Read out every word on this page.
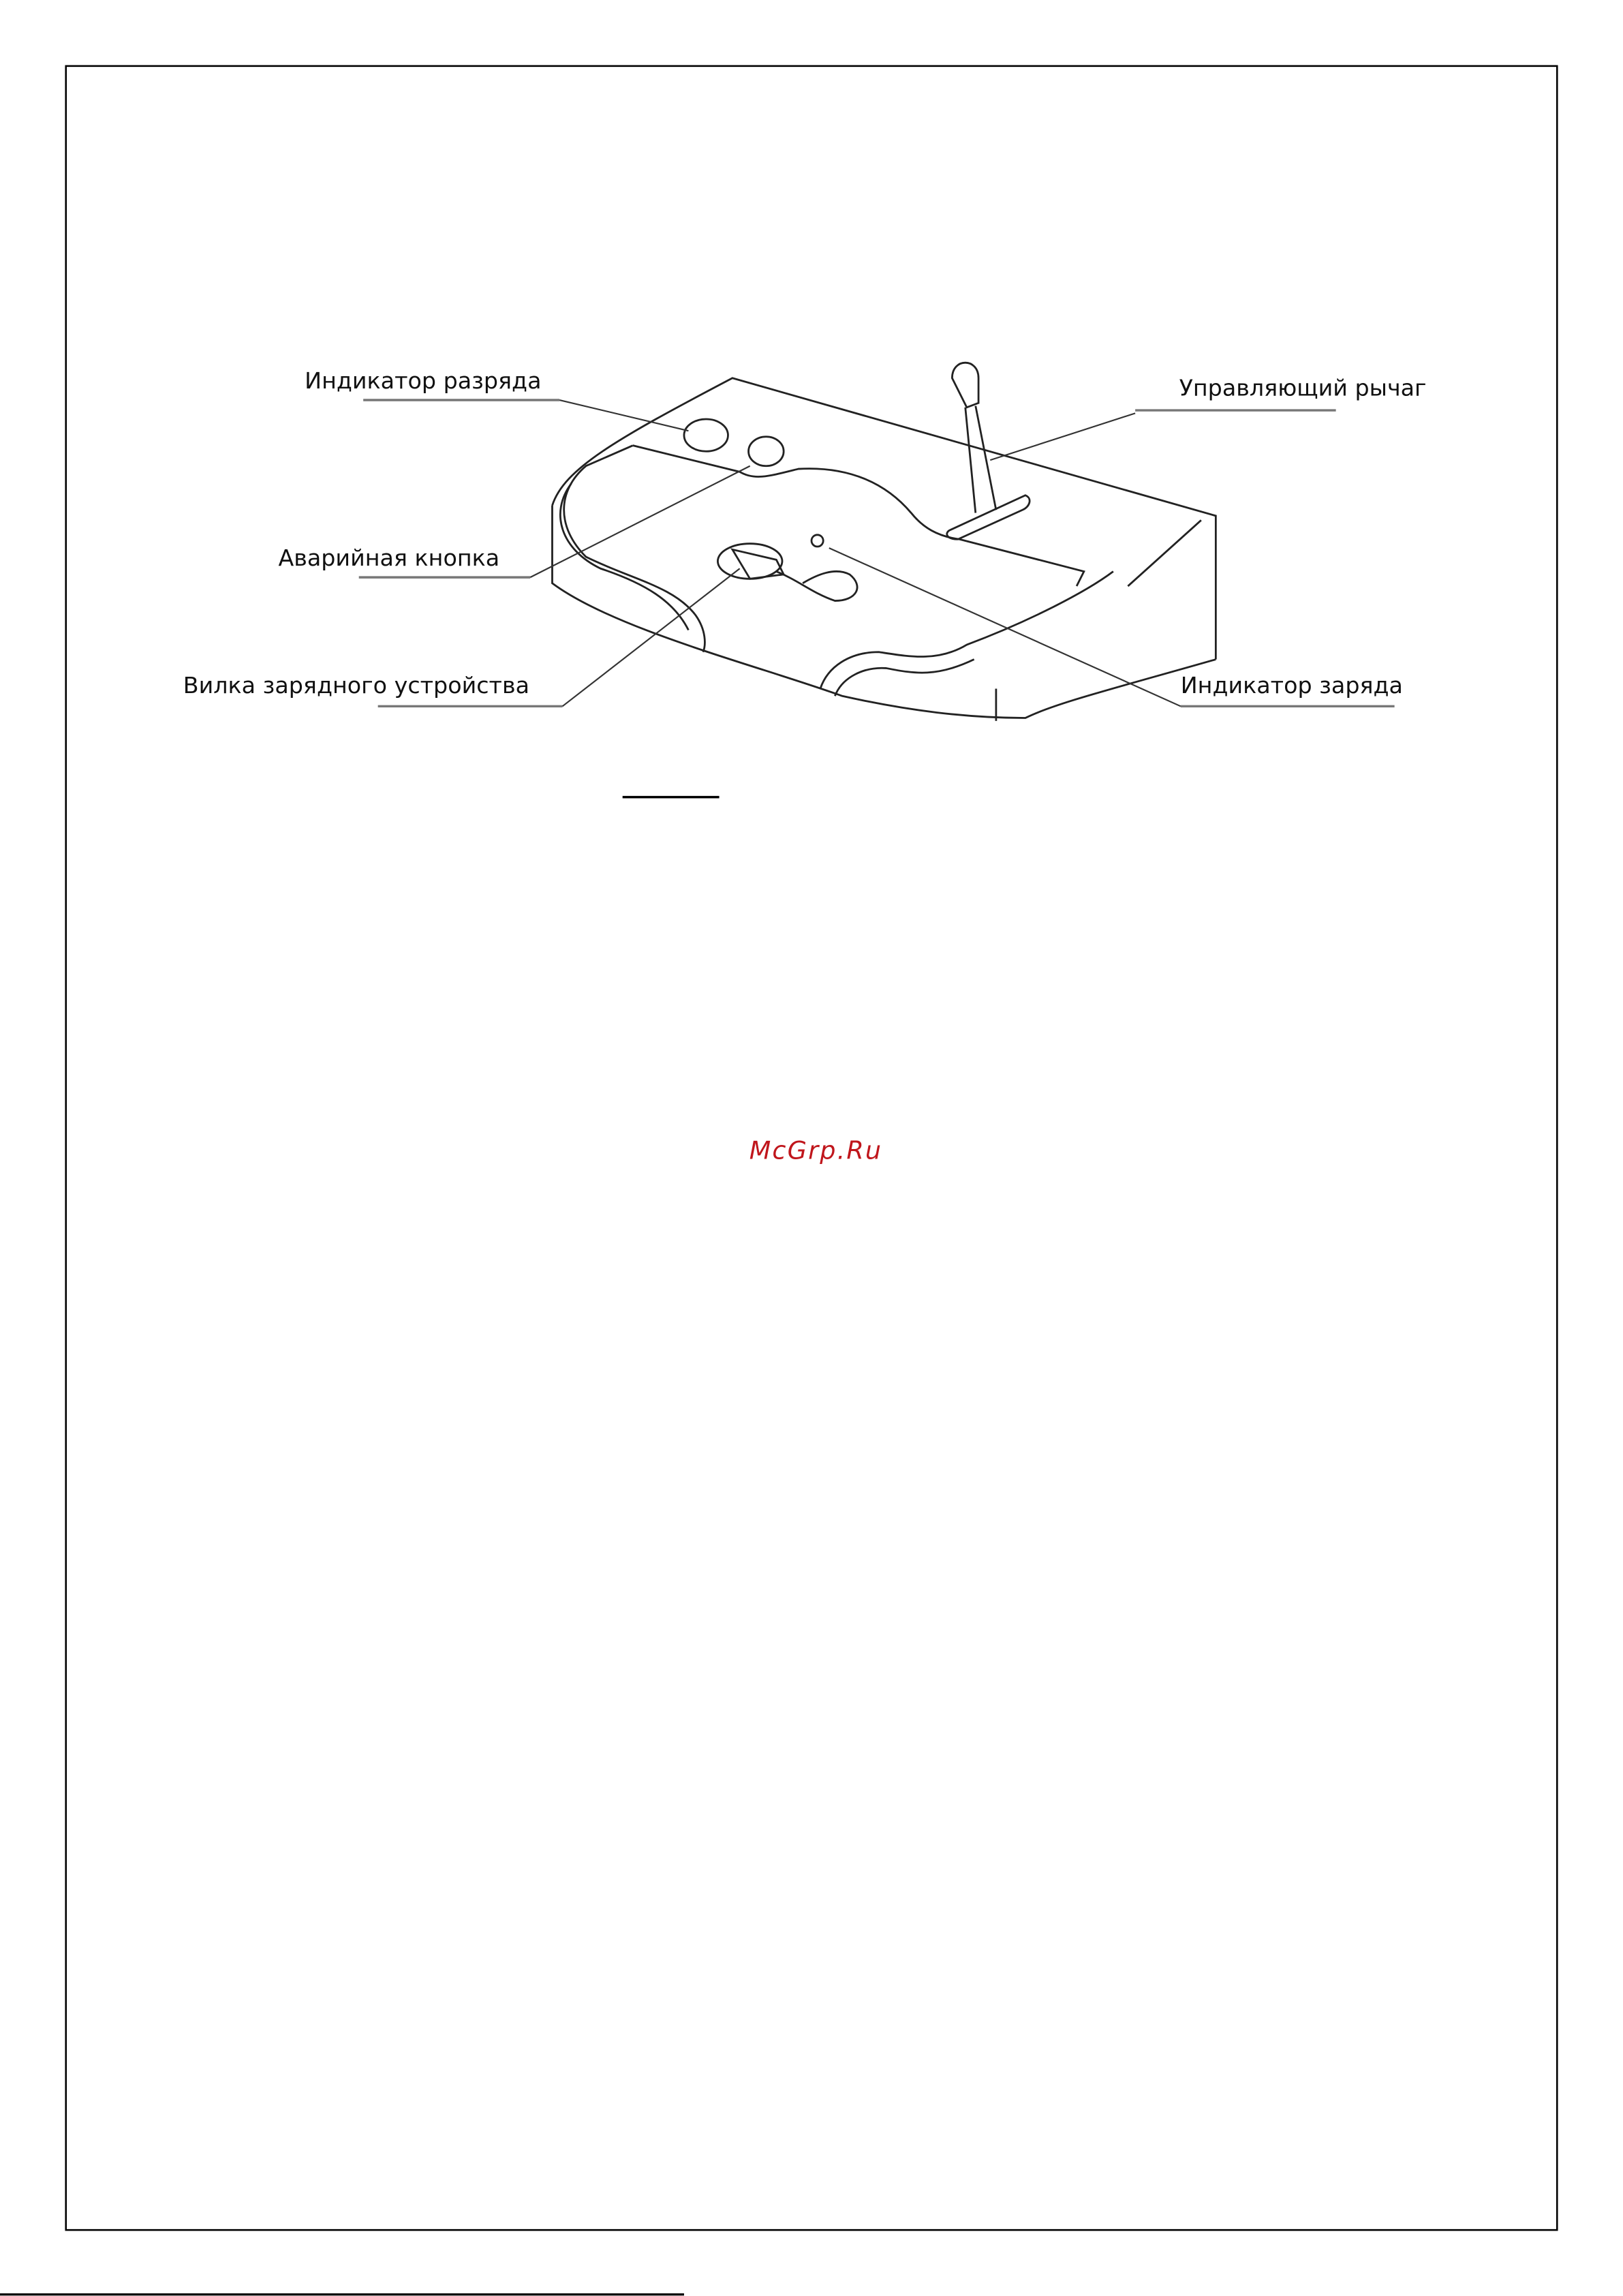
Индикатор разряда
Аварийная кнопка
Вилка зарядного устройства
Управляющий рычаг
Индикатор заряда
McGrp.Ru
